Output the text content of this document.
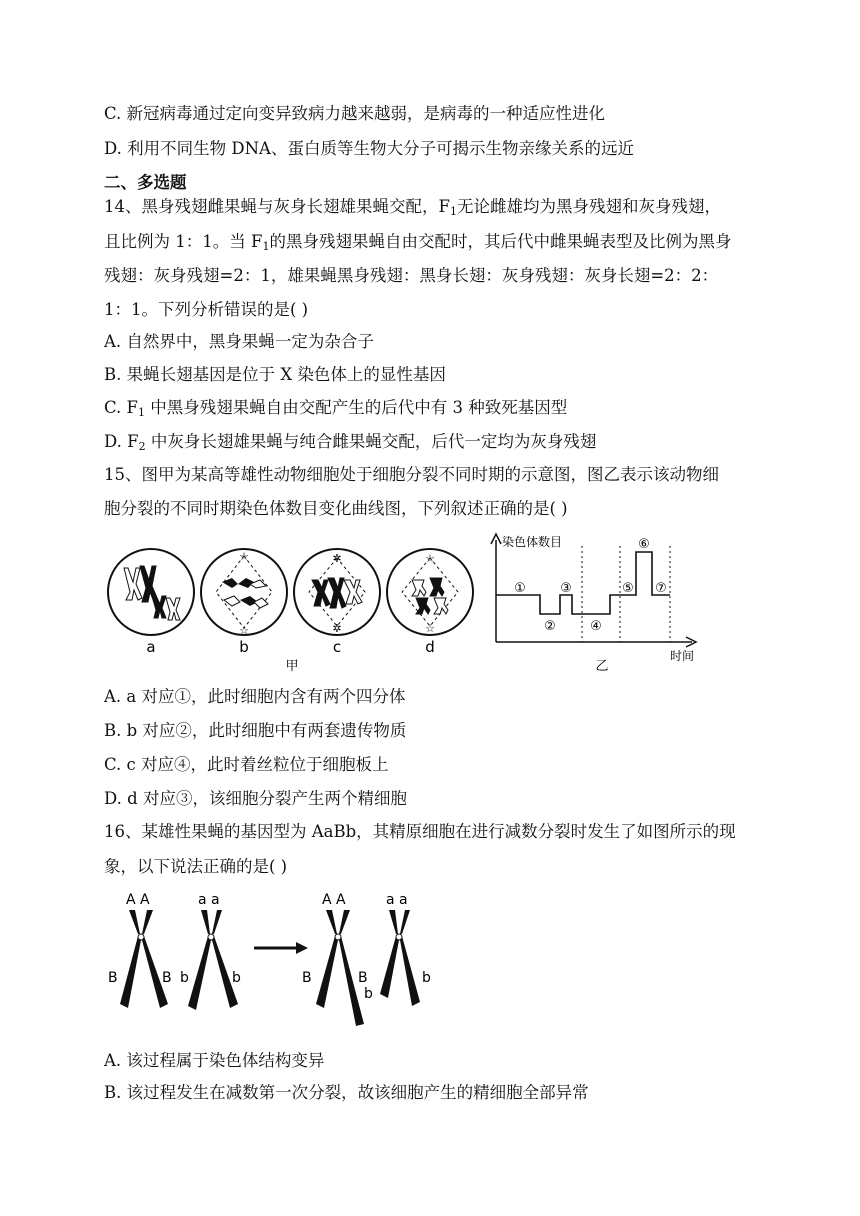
C. 新冠病毒通过定向变异致病力越来越弱，是病毒的一种适应性进化
D. 利用不同生物 DNA、蛋白质等生物大分子可揭示生物亲缘关系的远近
二、多选题
14、黑身残翅雌果蝇与灰身长翅雄果蝇交配，$F_1$无论雌雄均为黑身残翅和灰身残翅，
且比例为 1：1。当 $F_1$的黑身残翅果蝇自由交配时，其后代中雌果蝇表型及比例为黑身
残翅：灰身残翅=2：1，雄果蝇黑身残翅：黑身长翅：灰身残翅：灰身长翅=2：2：
1：1。下列分析错误的是( )
A. 自然界中，黑身果蝇一定为杂合子
B. 果蝇长翅基因是位于 X 染色体上的显性基因
C. $F_1$ 中黑身残翅果蝇自由交配产生的后代中有 3 种致死基因型
D. $F_2$ 中灰身长翅雄果蝇与纯合雌果蝇交配，后代一定均为灰身残翅
15、图甲为某高等雄性动物细胞处于细胞分裂不同时期的示意图，图乙表示该动物细
胞分裂的不同时期染色体数目变化曲线图，下列叙述正确的是( )
a
☆
☆
b
✲
✲
c
☆
☆
d
甲
染色体数目
时间
①
②
③
④
⑤
⑥
⑦
乙
A. a 对应①，此时细胞内含有两个四分体
B. b 对应②，此时细胞中有两套遗传物质
C. c 对应④，此时着丝粒位于细胞板上
D. d 对应③，该细胞分裂产生两个精细胞
16、某雄性果蝇的基因型为 AaBb，其精原细胞在进行减数分裂时发生了如图所示的现
象，以下说法正确的是( )
A A	a a
B	B b	b
A A	a a
B	B
b
b
A. 该过程属于染色体结构变异
B. 该过程发生在减数第一次分裂，故该细胞产生的精细胞全部异常
